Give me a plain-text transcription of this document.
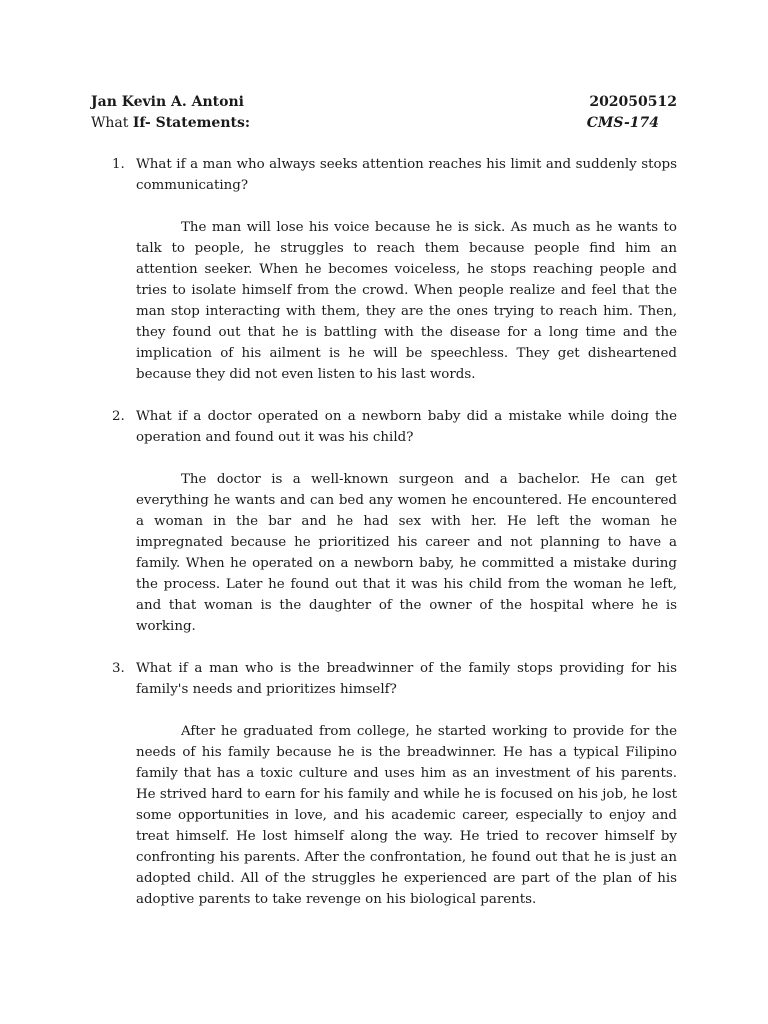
Jan Kevin A. Antoni	202050512
What If- Statements:	CMS-174
1. What if a man who always seeks attention reaches his limit and suddenly stops communicating?

The man will lose his voice because he is sick. As much as he wants to talk to people, he struggles to reach them because people find him an attention seeker. When he becomes voiceless, he stops reaching people and tries to isolate himself from the crowd. When people realize and feel that the man stop interacting with them, they are the ones trying to reach him. Then, they found out that he is battling with the disease for a long time and the implication of his ailment is he will be speechless. They get disheartened because they did not even listen to his last words.

2. What if a doctor operated on a newborn baby did a mistake while doing the operation and found out it was his child?

The doctor is a well-known surgeon and a bachelor. He can get everything he wants and can bed any women he encountered. He encountered a woman in the bar and he had sex with her. He left the woman he impregnated because he prioritized his career and not planning to have a family. When he operated on a newborn baby, he committed a mistake during the process. Later he found out that it was his child from the woman he left, and that woman is the daughter of the owner of the hospital where he is working.

3. What if a man who is the breadwinner of the family stops providing for his family's needs and prioritizes himself?

After he graduated from college, he started working to provide for the needs of his family because he is the breadwinner. He has a typical Filipino family that has a toxic culture and uses him as an investment of his parents. He strived hard to earn for his family and while he is focused on his job, he lost some opportunities in love, and his academic career, especially to enjoy and treat himself. He lost himself along the way. He tried to recover himself by confronting his parents. After the confrontation, he found out that he is just an adopted child. All of the struggles he experienced are part of the plan of his adoptive parents to take revenge on his biological parents.
